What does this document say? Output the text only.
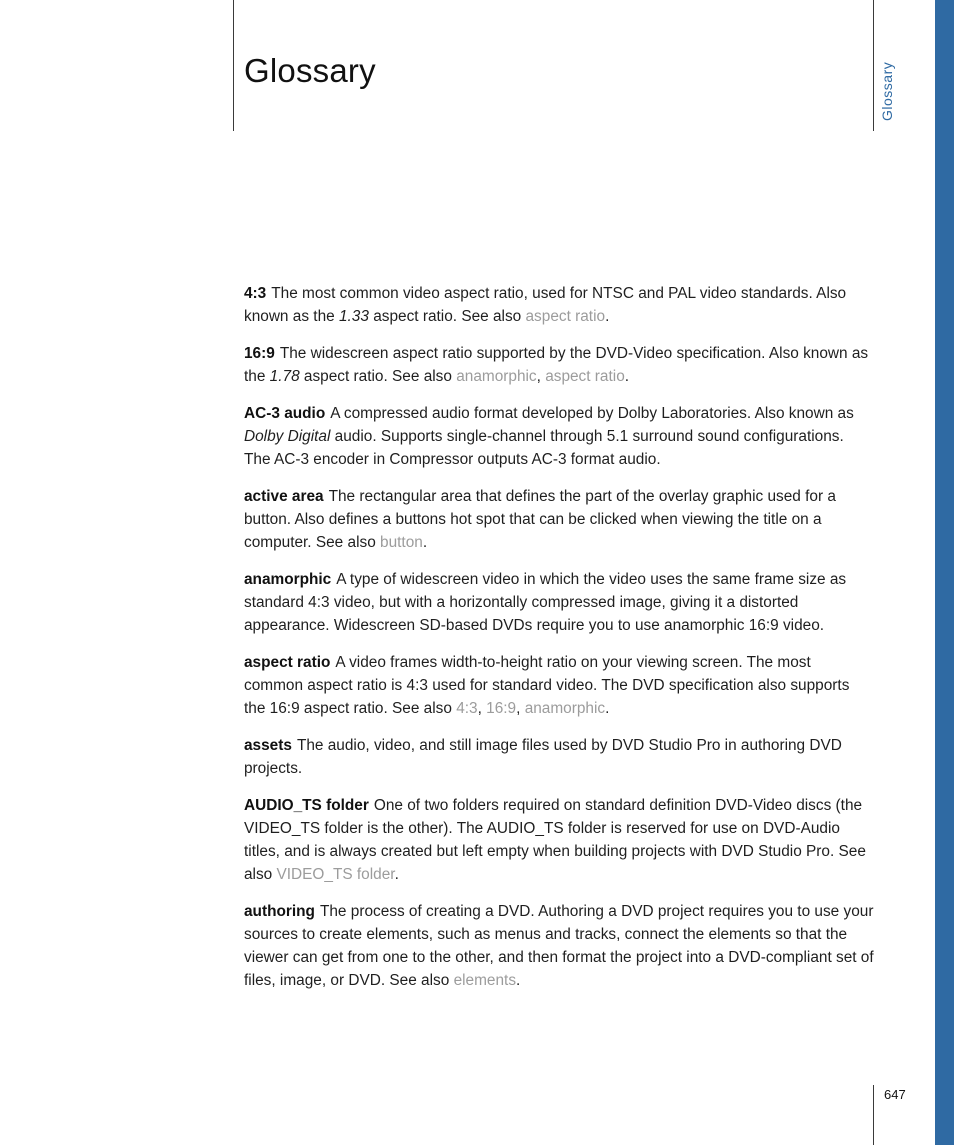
Glossary	Glossary

4:3 The most common video aspect ratio, used for NTSC and PAL video standards. Also known as the 1.33 aspect ratio. See also aspect ratio.

16:9 The widescreen aspect ratio supported by the DVD-Video specification. Also known as the 1.78 aspect ratio. See also anamorphic, aspect ratio.

AC-3 audio A compressed audio format developed by Dolby Laboratories. Also known as Dolby Digital audio. Supports single-channel through 5.1 surround sound configurations. The AC-3 encoder in Compressor outputs AC-3 format audio.

active area The rectangular area that defines the part of the overlay graphic used for a button. Also defines a buttons hot spot that can be clicked when viewing the title on a computer. See also button.

anamorphic A type of widescreen video in which the video uses the same frame size as standard 4:3 video, but with a horizontally compressed image, giving it a distorted appearance. Widescreen SD-based DVDs require you to use anamorphic 16:9 video.

aspect ratio A video frames width-to-height ratio on your viewing screen. The most common aspect ratio is 4:3 used for standard video. The DVD specification also supports the 16:9 aspect ratio. See also 4:3, 16:9, anamorphic.

assets The audio, video, and still image files used by DVD Studio Pro in authoring DVD projects.

AUDIO_TS folder One of two folders required on standard definition DVD-Video discs (the VIDEO_TS folder is the other). The AUDIO_TS folder is reserved for use on DVD-Audio titles, and is always created but left empty when building projects with DVD Studio Pro. See also VIDEO_TS folder.

authoring The process of creating a DVD. Authoring a DVD project requires you to use your sources to create elements, such as menus and tracks, connect the elements so that the viewer can get from one to the other, and then format the project into a DVD-compliant set of files, image, or DVD. See also elements.

647
